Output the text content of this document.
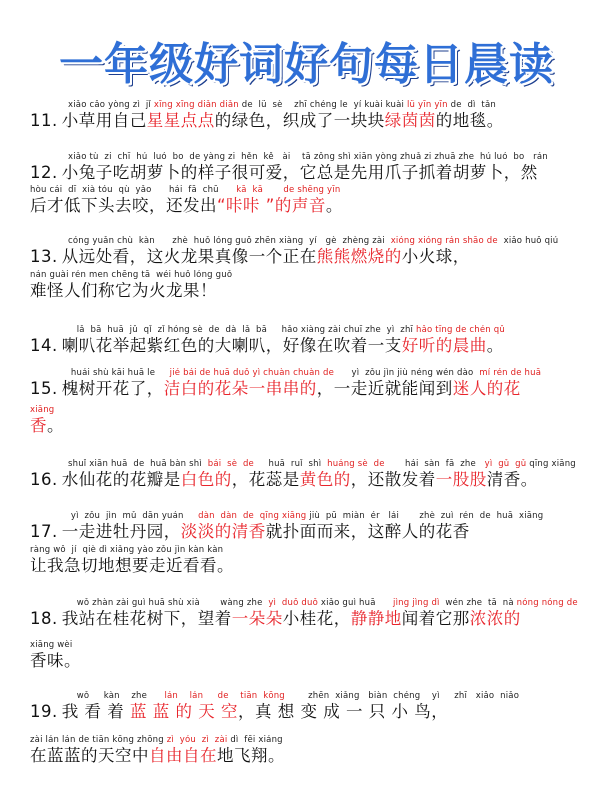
一年级好词好句每日晨读
xiǎo cǎo yòng zì  jǐ xīng xīng diǎn diǎn de  lǜ  sè    zhī chéng le  yí kuài kuài lǜ yīn yīn de  dì  tǎn
11. 小草用自己星星点点的绿色，织成了一块块绿茵茵的地毯。
xiǎo tù  zi  chī  hú  luó  bo  de yàng zi  hěn  kě   ài    tā zǒng shì xiān yòng zhuǎ zi zhuā zhe  hú luó  bo   rán
12. 小兔子吃胡萝卜的样子很可爱，它总是先用爪子抓着胡萝卜，然
hòu cái  dī  xià tóu  qù  yǎo      hái  fā  chū      kā  kā de shēng yīn
后才低下头去咬，还发出“咔咔 ”的声音。
cóng yuǎn chù  kàn      zhè  huǒ lóng guǒ zhēn xiàng  yí   gè  zhèng zài  xióng xióng rán shāo de  xiǎo huǒ qiú
13. 从远处看，这火龙果真像一个正在熊熊燃烧的小火球，
nán guài rén men chēng tā  wéi huǒ lóng guǒ
难怪人们称它为火龙果！
lǎ  bā  huā  jǔ  qǐ  zǐ hóng sè  de  dà  lǎ  bā     hǎo xiàng zài chuī zhe  yì  zhī hǎo tīng de chén qǔ
14. 喇叭花举起紫红色的大喇叭，好像在吹着一支好听的晨曲。
huái shù kāi huā le     jié bái de huā duǒ yì chuàn chuàn de      yì  zǒu jìn jiù néng wén dào  mí rén de huā
15. 槐树开花了，洁白的花朵一串串的，一走近就能闻到迷人的花
xiāng
香。
shuǐ xiān huā  de  huā bàn shì  bái  sè  de     huā  ruǐ  shì  huáng sè  de       hái  sàn  fā  zhe   yì  gǔ  gǔ qīng xiāng
16. 水仙花的花瓣是白色的，花蕊是黄色的，还散发着一股股清香。
yì  zǒu  jìn  mǔ  dān yuán     dàn  dàn  de  qīng xiāng jiù  pū  miàn  ér   lái       zhè  zuì  rén  de  huā  xiāng
17. 一走进牡丹园，淡淡的清香就扑面而来，这醉人的花香
ràng wǒ  jí  qiè dì xiǎng yào zǒu jìn kàn kàn
让我急切地想要走近看看。
wǒ zhàn zài guì huā shù xià       wàng zhe  yì  duǒ duǒ xiǎo guì huā      jìng jìng dì  wén zhe  tā  nà nóng nóng de
18. 我站在桂花树下，望着一朵朵小桂花，静静地闻着它那浓浓的
xiāng wèi
香味。
wǒ     kàn    zhe      lán    lán     de    tiān  kōng        zhēn  xiǎng   biàn  chéng    yì     zhī   xiǎo  niǎo
19. 我 看 着 蓝 蓝 的 天 空，真 想 变 成 一 只 小 鸟，
zài lán lán de tiān kōng zhōng zì  yóu  zì  zài dì  fēi xiáng
在蓝蓝的天空中自由自在地飞翔。
